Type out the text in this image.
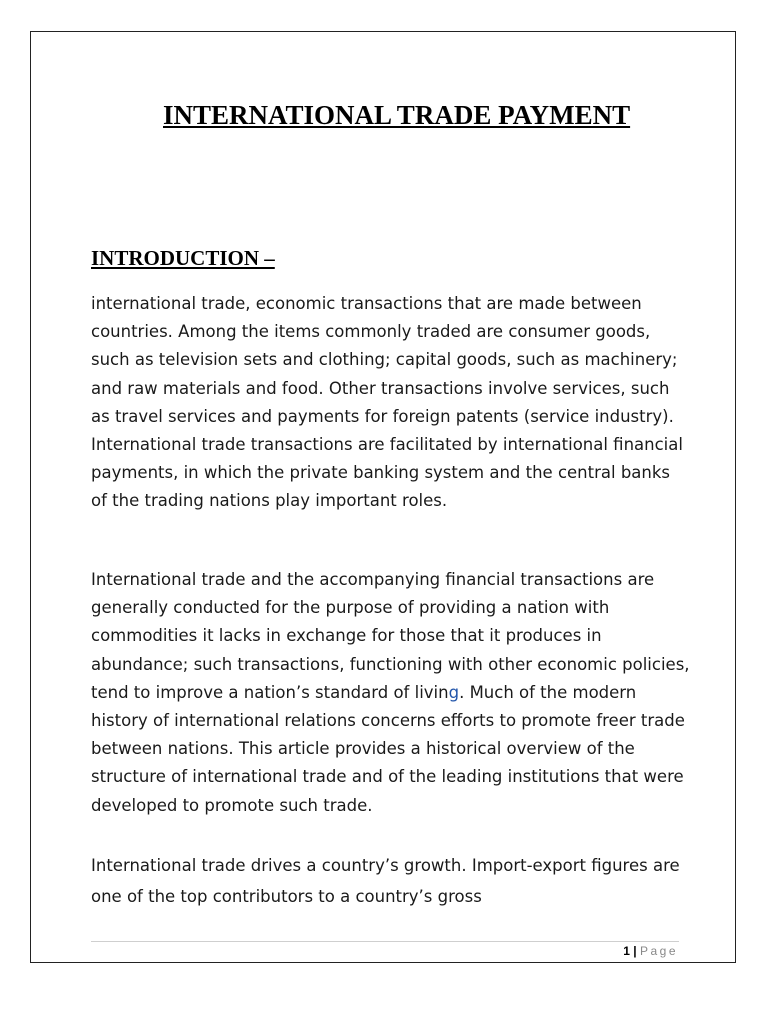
INTERNATIONAL TRADE PAYMENT
INTRODUCTION –

international trade, economic transactions that are made between countries. Among the items commonly traded are consumer goods, such as television sets and clothing; capital goods, such as machinery; and raw materials and food. Other transactions involve services, such as travel services and payments for foreign patents (service industry). International trade transactions are facilitated by international financial payments, in which the private banking system and the central banks of the trading nations play important roles.

International trade and the accompanying financial transactions are generally conducted for the purpose of providing a nation with commodities it lacks in exchange for those that it produces in abundance; such transactions, functioning with other economic policies, tend to improve a nation’s standard of living. Much of the modern history of international relations concerns efforts to promote freer trade between nations. This article provides a historical overview of the structure of international trade and of the leading institutions that were developed to promote such trade.

International trade drives a country’s growth. Import-export figures are one of the top contributors to a country’s gross

1 | Page
